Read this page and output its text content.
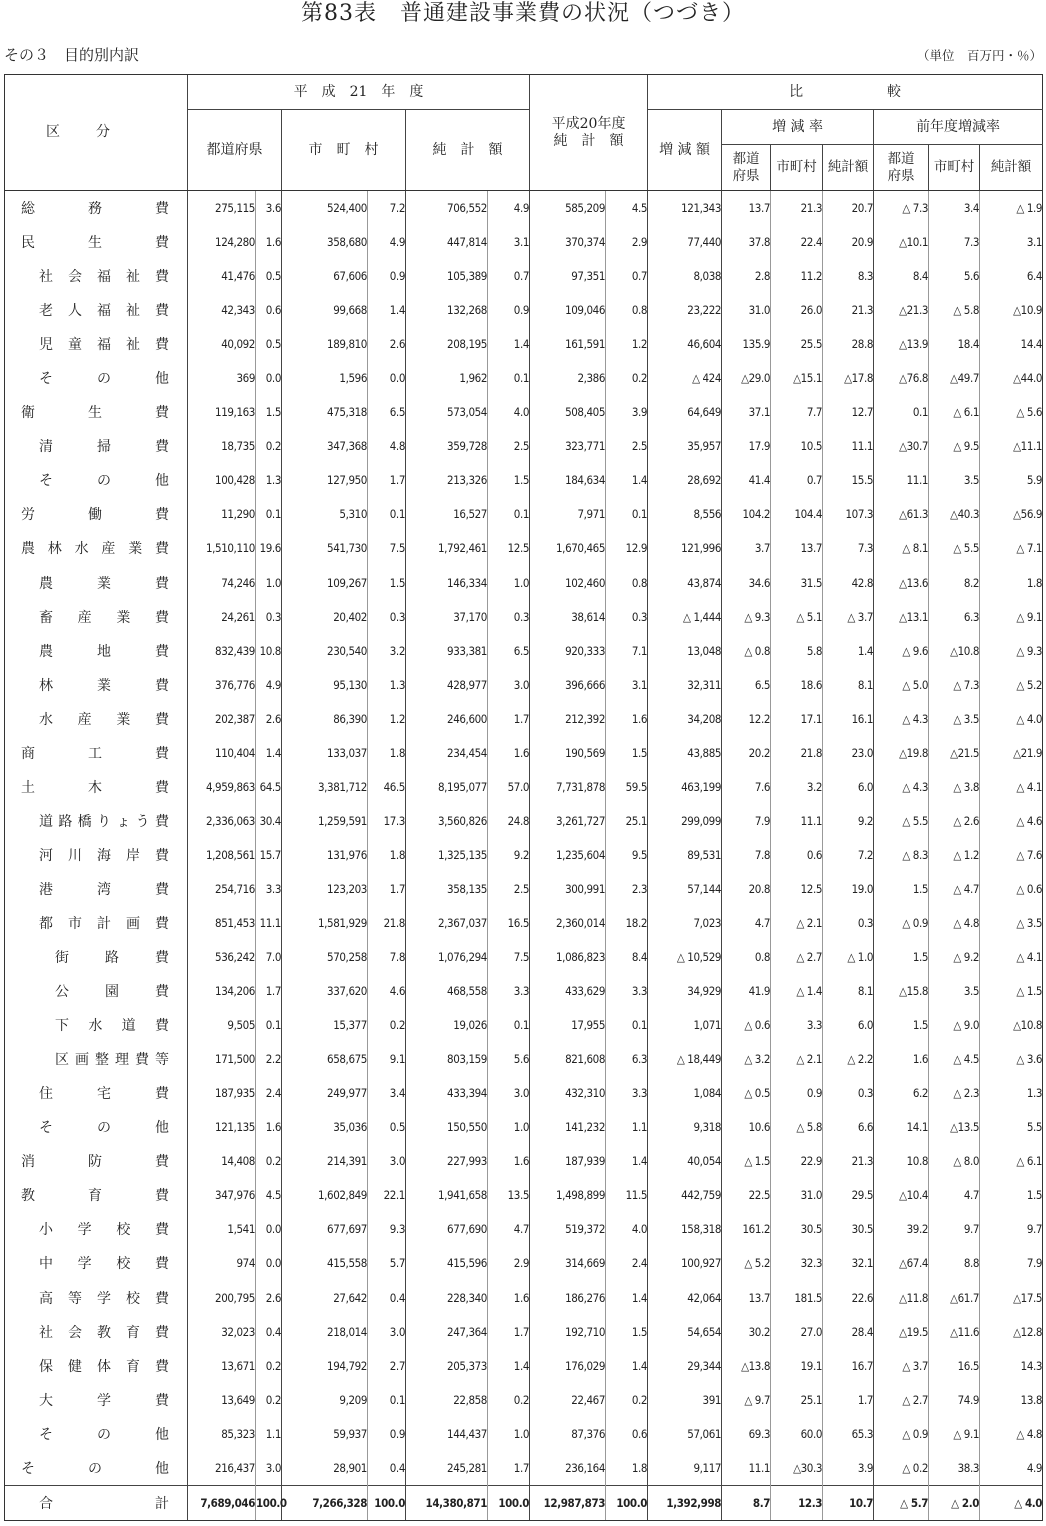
第83表　普通建設事業費の状況（つづき）
その３　目的別内訳	（単位　百万円・％）
区分	平　成　21　年　度						平成20年度
純　計　額		比　　　　　　較						
	都道府県		市　町　村		純　計　額				増 減 額	増 減 率			前年度増減率		
										都道府県	市町村	純計額	都道府県	市町村	純計額

総務費	275,115	3.6	524,400	7.2	706,552	4.9	585,209	4.5	121,343	13.7	21.3	20.7	△ 7.3	3.4	△ 1.9

民生費	124,280	1.6	358,680	4.9	447,814	3.1	370,374	2.9	77,440	37.8	22.4	20.9	△10.1	7.3	3.1

社会福祉費	41,476	0.5	67,606	0.9	105,389	0.7	97,351	0.7	8,038	2.8	11.2	8.3	8.4	5.6	6.4

老人福祉費	42,343	0.6	99,668	1.4	132,268	0.9	109,046	0.8	23,222	31.0	26.0	21.3	△21.3	△ 5.8	△10.9

児童福祉費	40,092	0.5	189,810	2.6	208,195	1.4	161,591	1.2	46,604	135.9	25.5	28.8	△13.9	18.4	14.4

その他	369	0.0	1,596	0.0	1,962	0.1	2,386	0.2	△ 424	△29.0	△15.1	△17.8	△76.8	△49.7	△44.0

衛生費	119,163	1.5	475,318	6.5	573,054	4.0	508,405	3.9	64,649	37.1	7.7	12.7	0.1	△ 6.1	△ 5.6

清掃費	18,735	0.2	347,368	4.8	359,728	2.5	323,771	2.5	35,957	17.9	10.5	11.1	△30.7	△ 9.5	△11.1

その他	100,428	1.3	127,950	1.7	213,326	1.5	184,634	1.4	28,692	41.4	0.7	15.5	11.1	3.5	5.9

労働費	11,290	0.1	5,310	0.1	16,527	0.1	7,971	0.1	8,556	104.2	104.4	107.3	△61.3	△40.3	△56.9

農林水産業費	1,510,110	19.6	541,730	7.5	1,792,461	12.5	1,670,465	12.9	121,996	3.7	13.7	7.3	△ 8.1	△ 5.5	△ 7.1

農業費	74,246	1.0	109,267	1.5	146,334	1.0	102,460	0.8	43,874	34.6	31.5	42.8	△13.6	8.2	1.8

畜産業費	24,261	0.3	20,402	0.3	37,170	0.3	38,614	0.3	△ 1,444	△ 9.3	△ 5.1	△ 3.7	△13.1	6.3	△ 9.1

農地費	832,439	10.8	230,540	3.2	933,381	6.5	920,333	7.1	13,048	△ 0.8	5.8	1.4	△ 9.6	△10.8	△ 9.3

林業費	376,776	4.9	95,130	1.3	428,977	3.0	396,666	3.1	32,311	6.5	18.6	8.1	△ 5.0	△ 7.3	△ 5.2

水産業費	202,387	2.6	86,390	1.2	246,600	1.7	212,392	1.6	34,208	12.2	17.1	16.1	△ 4.3	△ 3.5	△ 4.0

商工費	110,404	1.4	133,037	1.8	234,454	1.6	190,569	1.5	43,885	20.2	21.8	23.0	△19.8	△21.5	△21.9

土木費	4,959,863	64.5	3,381,712	46.5	8,195,077	57.0	7,731,878	59.5	463,199	7.6	3.2	6.0	△ 4.3	△ 3.8	△ 4.1

道路橋りょう費	2,336,063	30.4	1,259,591	17.3	3,560,826	24.8	3,261,727	25.1	299,099	7.9	11.1	9.2	△ 5.5	△ 2.6	△ 4.6

河川海岸費	1,208,561	15.7	131,976	1.8	1,325,135	9.2	1,235,604	9.5	89,531	7.8	0.6	7.2	△ 8.3	△ 1.2	△ 7.6

港湾費	254,716	3.3	123,203	1.7	358,135	2.5	300,991	2.3	57,144	20.8	12.5	19.0	1.5	△ 4.7	△ 0.6

都市計画費	851,453	11.1	1,581,929	21.8	2,367,037	16.5	2,360,014	18.2	7,023	4.7	△ 2.1	0.3	△ 0.9	△ 4.8	△ 3.5

街路費	536,242	7.0	570,258	7.8	1,076,294	7.5	1,086,823	8.4	△ 10,529	0.8	△ 2.7	△ 1.0	1.5	△ 9.2	△ 4.1

公園費	134,206	1.7	337,620	4.6	468,558	3.3	433,629	3.3	34,929	41.9	△ 1.4	8.1	△15.8	3.5	△ 1.5

下水道費	9,505	0.1	15,377	0.2	19,026	0.1	17,955	0.1	1,071	△ 0.6	3.3	6.0	1.5	△ 9.0	△10.8

区画整理費等	171,500	2.2	658,675	9.1	803,159	5.6	821,608	6.3	△ 18,449	△ 3.2	△ 2.1	△ 2.2	1.6	△ 4.5	△ 3.6

住宅費	187,935	2.4	249,977	3.4	433,394	3.0	432,310	3.3	1,084	△ 0.5	0.9	0.3	6.2	△ 2.3	1.3

その他	121,135	1.6	35,036	0.5	150,550	1.0	141,232	1.1	9,318	10.6	△ 5.8	6.6	14.1	△13.5	5.5

消防費	14,408	0.2	214,391	3.0	227,993	1.6	187,939	1.4	40,054	△ 1.5	22.9	21.3	10.8	△ 8.0	△ 6.1

教育費	347,976	4.5	1,602,849	22.1	1,941,658	13.5	1,498,899	11.5	442,759	22.5	31.0	29.5	△10.4	4.7	1.5

小学校費	1,541	0.0	677,697	9.3	677,690	4.7	519,372	4.0	158,318	161.2	30.5	30.5	39.2	9.7	9.7

中学校費	974	0.0	415,558	5.7	415,596	2.9	314,669	2.4	100,927	△ 5.2	32.3	32.1	△67.4	8.8	7.9

高等学校費	200,795	2.6	27,642	0.4	228,340	1.6	186,276	1.4	42,064	13.7	181.5	22.6	△11.8	△61.7	△17.5

社会教育費	32,023	0.4	218,014	3.0	247,364	1.7	192,710	1.5	54,654	30.2	27.0	28.4	△19.5	△11.6	△12.8

保健体育費	13,671	0.2	194,792	2.7	205,373	1.4	176,029	1.4	29,344	△13.8	19.1	16.7	△ 3.7	16.5	14.3

大学費	13,649	0.2	9,209	0.1	22,858	0.2	22,467	0.2	391	△ 9.7	25.1	1.7	△ 2.7	74.9	13.8

その他	85,323	1.1	59,937	0.9	144,437	1.0	87,376	0.6	57,061	69.3	60.0	65.3	△ 0.9	△ 9.1	△ 4.8

その他	216,437	3.0	28,901	0.4	245,281	1.7	236,164	1.8	9,117	11.1	△30.3	3.9	△ 0.2	38.3	4.9

合計	7,689,046	100.0	7,266,328	100.0	14,380,871	100.0	12,987,873	100.0	1,392,998	8.7	12.3	10.7	△ 5.7	△ 2.0	△ 4.0
